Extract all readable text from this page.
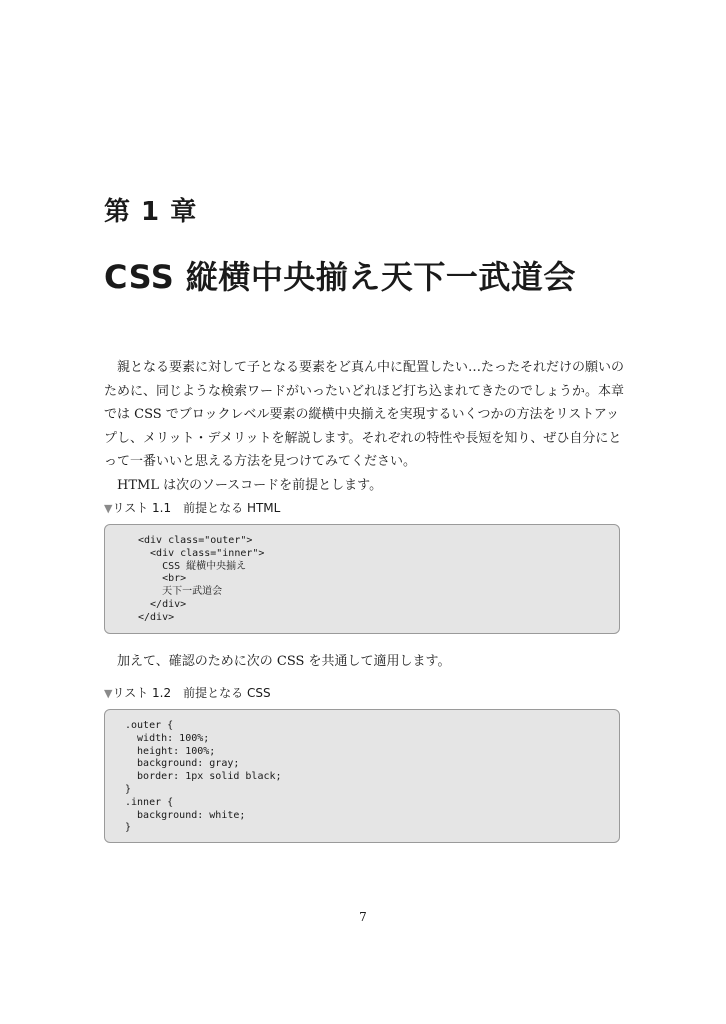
第 1 章
CSS 縦横中央揃え天下一武道会

親となる要素に対して子となる要素をど真ん中に配置したい…たったそれだけの願いのために、同じような検索ワードがいったいどれほど打ち込まれてきたのでしょうか。本章では CSS でブロックレベル要素の縦横中央揃えを実現するいくつかの方法をリストアップし、メリット・デメリットを解説します。それぞれの特性や長短を知り、ぜひ自分にとって一番いいと思える方法を見つけてみてください。

HTML は次のソースコードを前提とします。

▼リスト 1.1　前提となる HTML
<div class="outer">
<div class="inner">
CSS 縦横中央揃え
<br>
天下一武道会
</div>
</div>
加えて、確認のために次の CSS を共通して適用します。
▼リスト 1.2　前提となる CSS
.outer {
width: 100%;
height: 100%;
background: gray;
border: 1px solid black;
}
.inner {
background: white;
}
7
